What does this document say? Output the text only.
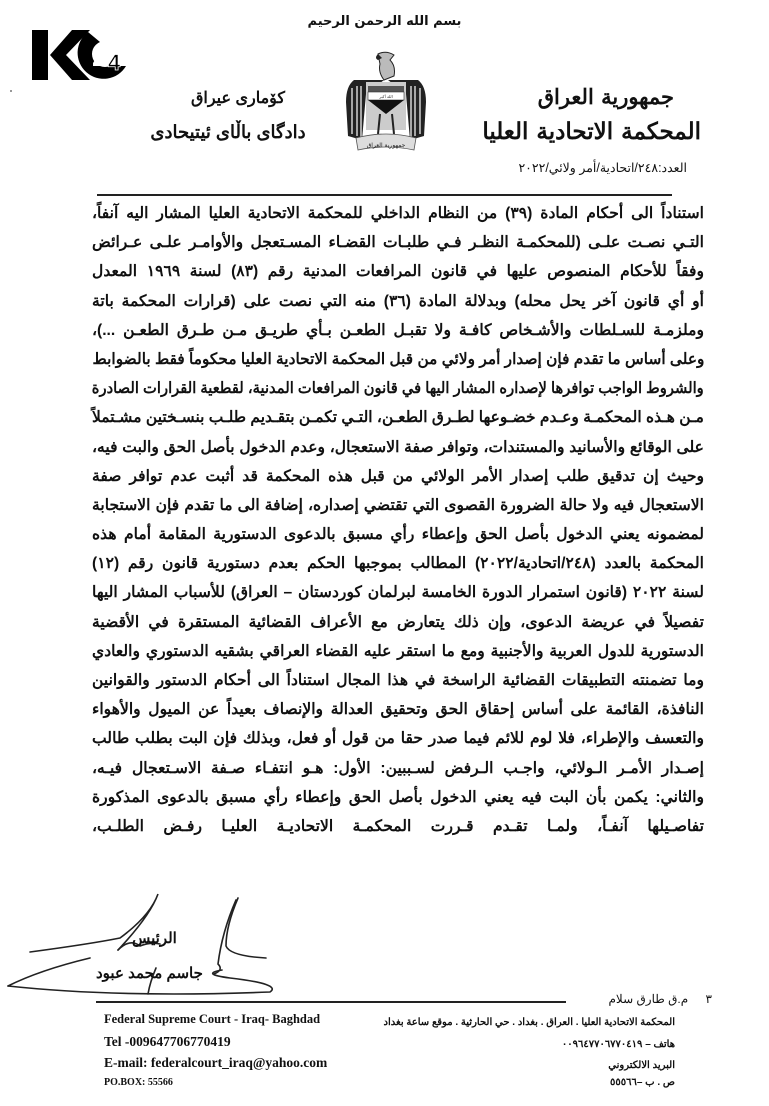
بسم الله الرحمن الرحيم
2 4
جمهورية العراق
المحكمة الاتحادية العليا
العدد:٢٤٨/اتحادية/أمر ولائي/٢٠٢٢
كۆمارى عیراق
دادگای باڵای ئیتیحادی
الله أكبر
جمهورية العراق
استناداً الى أحكام المادة (٣٩) من النظام الداخلي للمحكمة الاتحادية العليا المشار اليه آنفاً،
التـي نصـت علـى (للمحكمـة النظـر فـي طلبـات القضـاء المسـتعجل والأوامـر علـى عـرائض
وفقاً للأحكام المنصوص عليها في قانون المرافعات المدنية رقم (٨٣) لسنة ١٩٦٩ المعدل
أو أي قانون آخر يحل محله) وبدلالة المادة (٣٦) منه التي نصت على (قرارات المحكمة باتة
وملزمـة للسـلطات والأشـخاص كافـة ولا تقبـل الطعـن بـأي طريـق مـن طـرق الطعـن ...)،
وعلى أساس ما تقدم فإن إصدار أمر ولائي من قبل المحكمة الاتحادية العليا محكوماً فقط بالضوابط
والشروط الواجب توافرها لإصداره المشار اليها في قانون المرافعات المدنية، لقطعية القرارات الصادرة
مـن هـذه المحكمـة وعـدم خضـوعها لطـرق الطعـن، التـي تكمـن بتقـديم طلـب بنسـختين مشـتملاً
على الوقائع والأسانيد والمستندات، وتوافر صفة الاستعجال، وعدم الدخول بأصل الحق والبت فيه،
وحيث إن تدقيق طلب إصدار الأمر الولائي من قبل هذه المحكمة قد أثبت عدم توافر صفة
الاستعجال فيه ولا حالة الضرورة القصوى التي تقتضي إصداره، إضافة الى ما تقدم فإن الاستجابة
لمضمونه يعني الدخول بأصل الحق وإعطاء رأي مسبق بالدعوى الدستورية المقامة أمام هذه
المحكمة بالعدد (٢٤٨/اتحادية/٢٠٢٢) المطالب بموجبها الحكم بعدم دستورية قانون رقم (١٢)
لسنة ٢٠٢٢ (قانون استمرار الدورة الخامسة لبرلمان كوردستان – العراق) للأسباب المشار اليها
تفصيلاً في عريضة الدعوى، وإن ذلك يتعارض مع الأعراف القضائية المستقرة في الأقضية
الدستورية للدول العربية والأجنبية ومع ما استقر عليه القضاء العراقي بشقيه الدستوري والعادي
وما تضمنته التطبيقات القضائية الراسخة في هذا المجال استناداً الى أحكام الدستور والقوانين
النافذة، القائمة على أساس إحقاق الحق وتحقيق العدالة والإنصاف بعيداً عن الميول والأهواء
والتعسف والإطراء، فلا لوم للائم فيما صدر حقا من قول أو فعل، وبذلك فإن البت بطلب طالب
إصـدار الأمـر الـولائي، واجـب الـرفض لسـببين: الأول: هـو انتفـاء صـفة الاسـتعجال فيـه،
والثاني: يكمن بأن البت فيه يعني الدخول بأصل الحق وإعطاء رأي مسبق بالدعوى المذكورة
تفاصـيلها آنفـاً، ولمـا تقـدم قـررت المحكمـة الاتحاديـة العليـا رفـض الطلـب،
الرئيس
جاسم محمد عبود
٣ م.ق طارق سلام
Federal Supreme Court - Iraq- Baghdad
Tel -009647706770419
E-mail: federalcourt_iraq@yahoo.com
PO.BOX: 55566
المحكمة الاتحادية العليا . العراق . بغداد . حي الحارثية . موقع ساعة بغداد
هاتف – ٠٠٩٦٤٧٧٠٦٧٧٠٤١٩
البريد الالكتروني
ص . ب –٥٥٥٦٦
